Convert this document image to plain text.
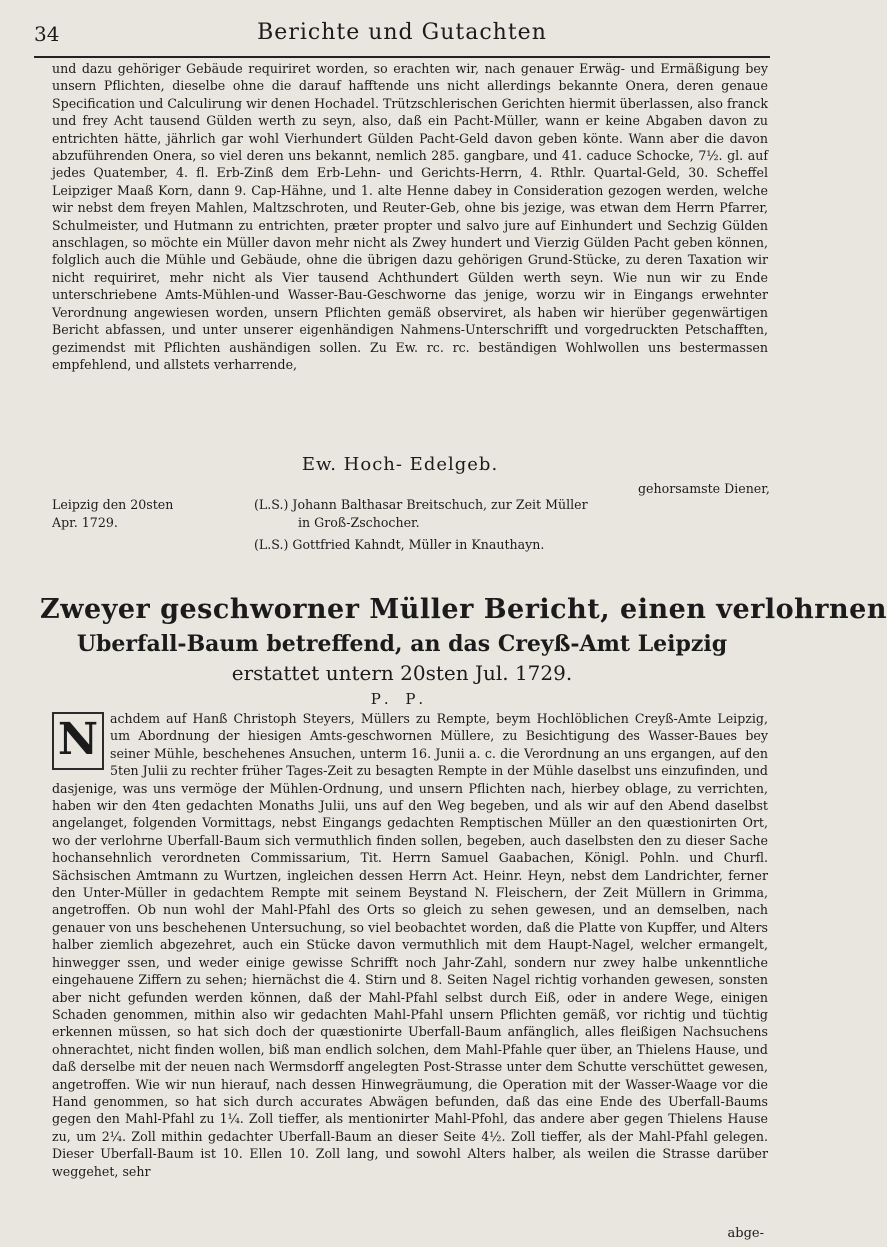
34	Berichte und Gutachten

und dazu gehöriger Gebäude requiriret worden, so erachten wir, nach genauer Erwäg- und Ermäßigung bey unsern Pflichten, dieselbe ohne die darauf hafftende uns nicht allerdings bekannte Onera, deren genaue Specification und Calculirung wir denen Hochadel. Trützschlerischen Gerichten hiermit überlassen, also franck und frey Acht tausend Gülden werth zu seyn, also, daß ein Pacht-Müller, wann er keine Abgaben davon zu entrichten hätte, jährlich gar wohl Vierhundert Gülden Pacht-Geld davon geben könte. Wann aber die davon abzuführenden Onera, so viel deren uns bekannt, nemlich 285. gangbare, und 41. caduce Schocke, 7½. gl. auf jedes Quatember, 4. fl. Erb-Zinß dem Erb-Lehn- und Gerichts-Herrn, 4. Rthlr. Quartal-Geld, 30. Scheffel Leipziger Maaß Korn, dann 9. Cap-Hähne, und 1. alte Henne dabey in Consideration gezogen werden, welche wir nebst dem freyen Mahlen, Maltzschroten, und Reuter-Geb, ohne bis jezige, was etwan dem Herrn Pfarrer, Schulmeister, und Hutmann zu entrichten, præter propter und salvo jure auf Einhundert und Sechzig Gülden anschlagen, so möchte ein Müller davon mehr nicht als Zwey hundert und Vierzig Gülden Pacht geben können, folglich auch die Mühle und Gebäude, ohne die übrigen dazu gehörigen Grund-Stücke, zu deren Taxation wir nicht requiriret, mehr nicht als Vier tausend Achthundert Gülden werth seyn. Wie nun wir zu Ende unterschriebene Amts-Mühlen-und Wasser-Bau-Geschworne das jenige, worzu wir in Eingangs erwehnter Verordnung angewiesen worden, unsern Pflichten gemäß observiret, als haben wir hierüber gegenwärtigen Bericht abfassen, und unter unserer eigenhändigen Nahmens-Unterschrifft und vorgedruckten Petschafften, gezimendst mit Pflichten aushändigen sollen. Zu Ew. rc. rc. beständigen Wohlwollen uns bestermassen empfehlend, und allstets verharrende,

Ew. Hoch- Edelgeb.

gehorsamste Diener,
Leipzig den 20sten	(L.S.) Johann Balthasar Breitschuch, zur Zeit Müller
Apr. 1729.	in Groß-Zschocher.
(L.S.) Gottfried Kahndt, Müller in Knauthayn.
Zweyer geschworner Müller Bericht, einen verlohrnen
Uberfall-Baum betreffend, an das Creyß-Amt Leipzig

erstattet untern 20sten Jul. 1729.

P. P.

N achdem auf Hanß Christoph Steyers, Müllers zu Rempte, beym Hochlöblichen Creyß-Amte Leipzig, um Abordnung der hiesigen Amts-geschwornen Müllere, zu Besichtigung des Wasser-Baues bey seiner Mühle, beschehenes Ansuchen, unterm 16. Junii a. c. die Verordnung an uns ergangen, auf den 5ten Julii zu rechter früher Tages-Zeit zu besagten Rempte in der Mühle daselbst uns einzufinden, und dasjenige, was uns vermöge der Mühlen-Ordnung, und unsern Pflichten nach, hierbey oblage, zu verrichten, haben wir den 4ten gedachten Monaths Julii, uns auf den Weg begeben, und als wir auf den Abend daselbst angelanget, folgenden Vormittags, nebst Eingangs gedachten Remptischen Müller an den quæstionirten Ort, wo der verlohrne Uberfall-Baum sich vermuthlich finden sollen, begeben, auch daselbsten den zu dieser Sache hochansehnlich verordneten Commissarium, Tit. Herrn Samuel Gaabachen, Königl. Pohln. und Churfl. Sächsischen Amtmann zu Wurtzen, ingleichen dessen Herrn Act. Heinr. Heyn, nebst dem Landrichter, ferner den Unter-Müller in gedachtem Rempte mit seinem Beystand N. Fleischern, der Zeit Müllern in Grimma, angetroffen. Ob nun wohl der Mahl-Pfahl des Orts so gleich zu sehen gewesen, und an demselben, nach genauer von uns beschehenen Untersuchung, so viel beobachtet worden, daß die Platte von Kupffer, und Alters halber ziemlich abgezehret, auch ein Stücke davon vermuthlich mit dem Haupt-Nagel, welcher ermangelt, hinwegger ssen, und weder einige gewisse Schrifft noch Jahr-Zahl, sondern nur zwey halbe unkenntliche eingehauene Ziffern zu sehen; hiernächst die 4. Stirn und 8. Seiten Nagel richtig vorhanden gewesen, sonsten aber nicht gefunden werden können, daß der Mahl-Pfahl selbst durch Eiß, oder in andere Wege, einigen Schaden genommen, mithin also wir gedachten Mahl-Pfahl unsern Pflichten gemäß, vor richtig und tüchtig erkennen müssen, so hat sich doch der quæstionirte Uberfall-Baum anfänglich, alles fleißigen Nachsuchens ohnerachtet, nicht finden wollen, biß man endlich solchen, dem Mahl-Pfahle quer über, an Thielens Hause, und daß derselbe mit der neuen nach Wermsdorff angelegten Post-Strasse unter dem Schutte verschüttet gewesen, angetroffen. Wie wir nun hierauf, nach dessen Hinwegräumung, die Operation mit der Wasser-Waage vor die Hand genommen, so hat sich durch accurates Abwägen befunden, daß das eine Ende des Uberfall-Baums gegen den Mahl-Pfahl zu 1¼. Zoll tieffer, als mentionirter Mahl-Pfohl, das andere aber gegen Thielens Hause zu, um 2¼. Zoll mithin gedachter Uberfall-Baum an dieser Seite 4½. Zoll tieffer, als der Mahl-Pfahl gelegen. Dieser Uberfall-Baum ist 10. Ellen 10. Zoll lang, und sowohl Alters halber, als weilen die Strasse darüber weggehet, sehr

abge-
